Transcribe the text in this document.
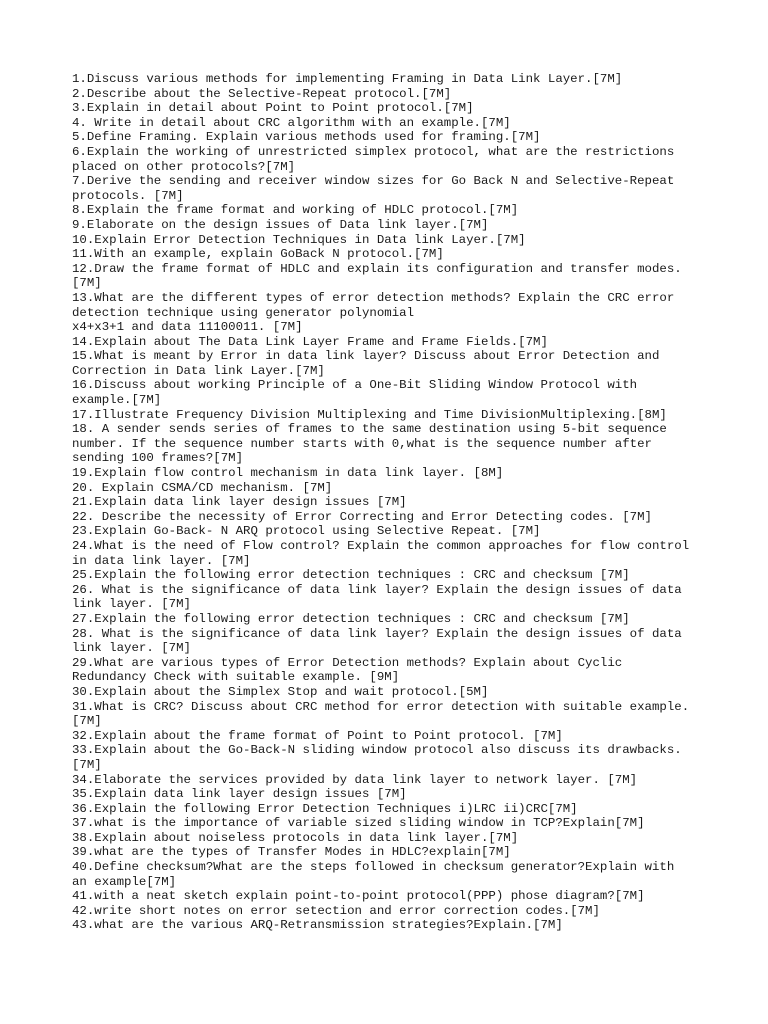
1.Discuss various methods for implementing Framing in Data Link Layer.[7M]
2.Describe about the Selective-Repeat protocol.[7M]
3.Explain in detail about Point to Point protocol.[7M]
4. Write in detail about CRC algorithm with an example.[7M]
5.Define Framing. Explain various methods used for framing.[7M]
6.Explain the working of unrestricted simplex protocol, what are the restrictions
placed on other protocols?[7M]
7.Derive the sending and receiver window sizes for Go Back N and Selective-Repeat
protocols. [7M]
8.Explain the frame format and working of HDLC protocol.[7M]
9.Elaborate on the design issues of Data link layer.[7M]
10.Explain Error Detection Techniques in Data link Layer.[7M]
11.With an example, explain GoBack N protocol.[7M]
12.Draw the frame format of HDLC and explain its configuration and transfer modes.
[7M]
13.What are the different types of error detection methods? Explain the CRC error
detection technique using generator polynomial
x4+x3+1 and data 11100011. [7M]
14.Explain about The Data Link Layer Frame and Frame Fields.[7M]
15.What is meant by Error in data link layer? Discuss about Error Detection and
Correction in Data link Layer.[7M]
16.Discuss about working Principle of a One-Bit Sliding Window Protocol with
example.[7M]
17.Illustrate Frequency Division Multiplexing and Time DivisionMultiplexing.[8M]
18. A sender sends series of frames to the same destination using 5-bit sequence
number. If the sequence number starts with 0,what is the sequence number after
sending 100 frames?[7M]
19.Explain flow control mechanism in data link layer. [8M]
20. Explain CSMA/CD mechanism. [7M]
21.Explain data link layer design issues [7M]
22. Describe the necessity of Error Correcting and Error Detecting codes. [7M]
23.Explain Go-Back- N ARQ protocol using Selective Repeat. [7M]
24.What is the need of Flow control? Explain the common approaches for flow control
in data link layer. [7M]
25.Explain the following error detection techniques : CRC and checksum [7M]
26. What is the significance of data link layer? Explain the design issues of data
link layer. [7M]
27.Explain the following error detection techniques : CRC and checksum [7M]
28. What is the significance of data link layer? Explain the design issues of data
link layer. [7M]
29.What are various types of Error Detection methods? Explain about Cyclic
Redundancy Check with suitable example. [9M]
30.Explain about the Simplex Stop and wait protocol.[5M]
31.What is CRC? Discuss about CRC method for error detection with suitable example.
[7M]
32.Explain about the frame format of Point to Point protocol. [7M]
33.Explain about the Go-Back-N sliding window protocol also discuss its drawbacks.
[7M]
34.Elaborate the services provided by data link layer to network layer. [7M]
35.Explain data link layer design issues [7M]
36.Explain the following Error Detection Techniques i)LRC ii)CRC[7M]
37.what is the importance of variable sized sliding window in TCP?Explain[7M]
38.Explain about noiseless protocols in data link layer.[7M]
39.what are the types of Transfer Modes in HDLC?explain[7M]
40.Define checksum?What are the steps followed in checksum generator?Explain with
an example[7M]
41.with a neat sketch explain point-to-point protocol(PPP) phose diagram?[7M]
42.write short notes on error setection and error correction codes.[7M]
43.what are the various ARQ-Retransmission strategies?Explain.[7M]
